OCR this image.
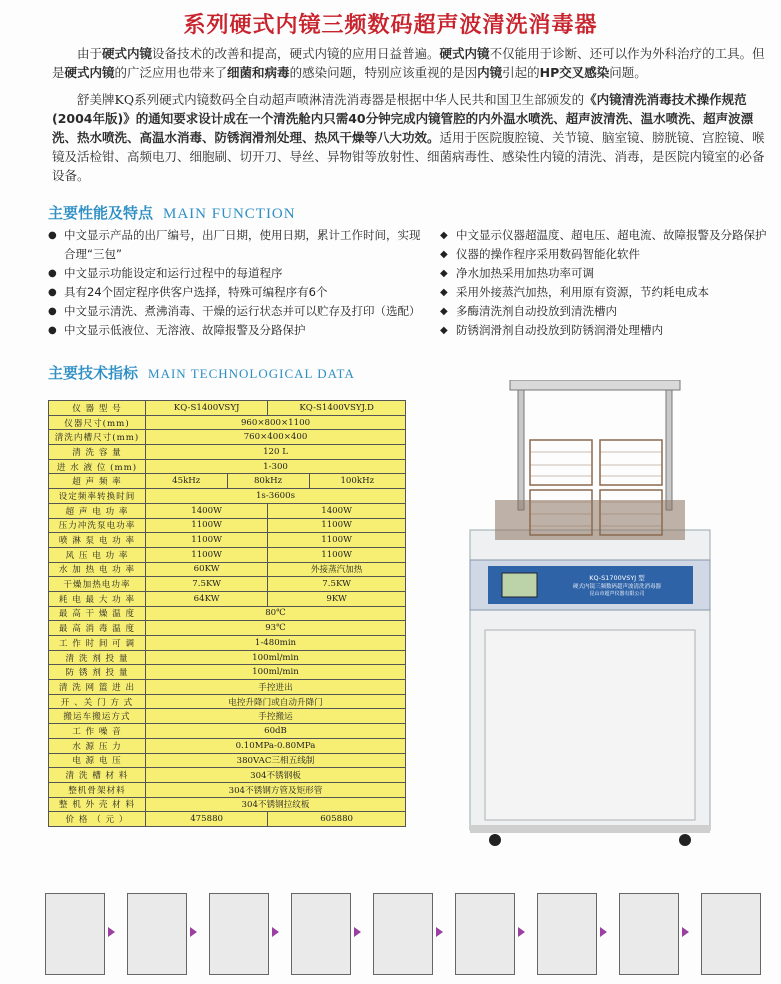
系列硬式内镜三频数码超声波清洗消毒器

由于硬式内镜设备技术的改善和提高，硬式内镜的应用日益普遍。硬式内镜不仅能用于诊断、还可以作为外科治疗的工具。但是硬式内镜的广泛应用也带来了细菌和病毒的感染问题，特别应该重视的是因内镜引起的HP交叉感染问题。

舒美牌KQ系列硬式内镜数码全自动超声喷淋清洗消毒器是根据中华人民共和国卫生部颁发的《内镜清洗消毒技术操作规范(2004年版)》的通知要求设计成在一个清洗舱内只需40分钟完成内镜管腔的内外温水喷洗、超声波清洗、温水喷洗、超声波漂洗、热水喷洗、高温水消毒、防锈润滑剂处理、热风干燥等八大功效。适用于医院腹腔镜、关节镜、脑室镜、膀胱镜、宫腔镜、喉镜及活检钳、高频电刀、细胞刷、切开刀、导丝、异物钳等放射性、细菌病毒性、感染性内镜的清洗、消毒，是医院内镜室的必备设备。

主要性能及特点 MAIN FUNCTION
● 中文显示产品的出厂编号，出厂日期，使用日期，累计工作时间，实现合理“三包”
● 中文显示功能设定和运行过程中的每道程序
● 具有24个固定程序供客户选择，特殊可编程序有6个
● 中文显示清洗、煮沸消毒、干燥的运行状态并可以贮存及打印（选配）
● 中文显示低液位、无溶液、故障报警及分路保护
◆ 中文显示仪器超温度、超电压、超电流、故障报警及分路保护
◆ 仪器的操作程序采用数码智能化软件
◆ 净水加热采用加热功率可调
◆ 采用外接蒸汽加热，利用原有资源，节约耗电成本
◆ 多酶清洗剂自动投放到清洗槽内
◆ 防锈润滑剂自动投放到防锈润滑处理槽内
主要技术指标 MAIN TECHNOLOGICAL DATA
仪 器 型 号	KQ-S1400VSYJ		KQ-S1400VSYJ.D	
仪器尺寸(mm)	960×800×1100			
清洗内槽尺寸(mm)	760×400×400			
清 洗 容 量	120 L			
进 水 液 位 (mm)	1-300			
超 声 频 率	45kHz	80kHz		100kHz
设定频率转换时间	1s-3600s			
超 声 电 功 率	1400W		1400W	
压力冲洗泵电功率	1100W		1100W	
喷 淋 泵 电 功 率	1100W		1100W	
风 压 电 功 率	1100W		1100W	
水 加 热 电 功 率	60KW		外接蒸汽加热	
干燥加热电功率	7.5KW		7.5KW	
耗 电 最 大 功 率	64KW		9KW	
最 高 干 燥 温 度	80℃			
最 高 消 毒 温 度	93℃			
工 作 时 间 可 调	1-480min			
清 洗 剂 投 量	100ml/min			
防 锈 剂 投 量	100ml/min			
清 洗 网 篮 进 出	手控进出			
开 、关 门 方 式	电控升降门或自动升降门			
搬运车搬运方式	手控搬运			
工 作 噪 音	60dB			
水 源 压 力	0.10MPa-0.80MPa			
电 源 电 压	380VAC三相五线制			
清 洗 槽 材 料	304不锈钢板			
整机骨架材料	304不锈钢方管及矩形管			
整 机 外 壳 材 料	304不锈钢拉纹板			
价 格 （ 元 ）	475880		605880	
KQ-S1700VSYJ 型
硬式内镜三频数码超声波清洗消毒器
昆山市超声仪器有限公司
